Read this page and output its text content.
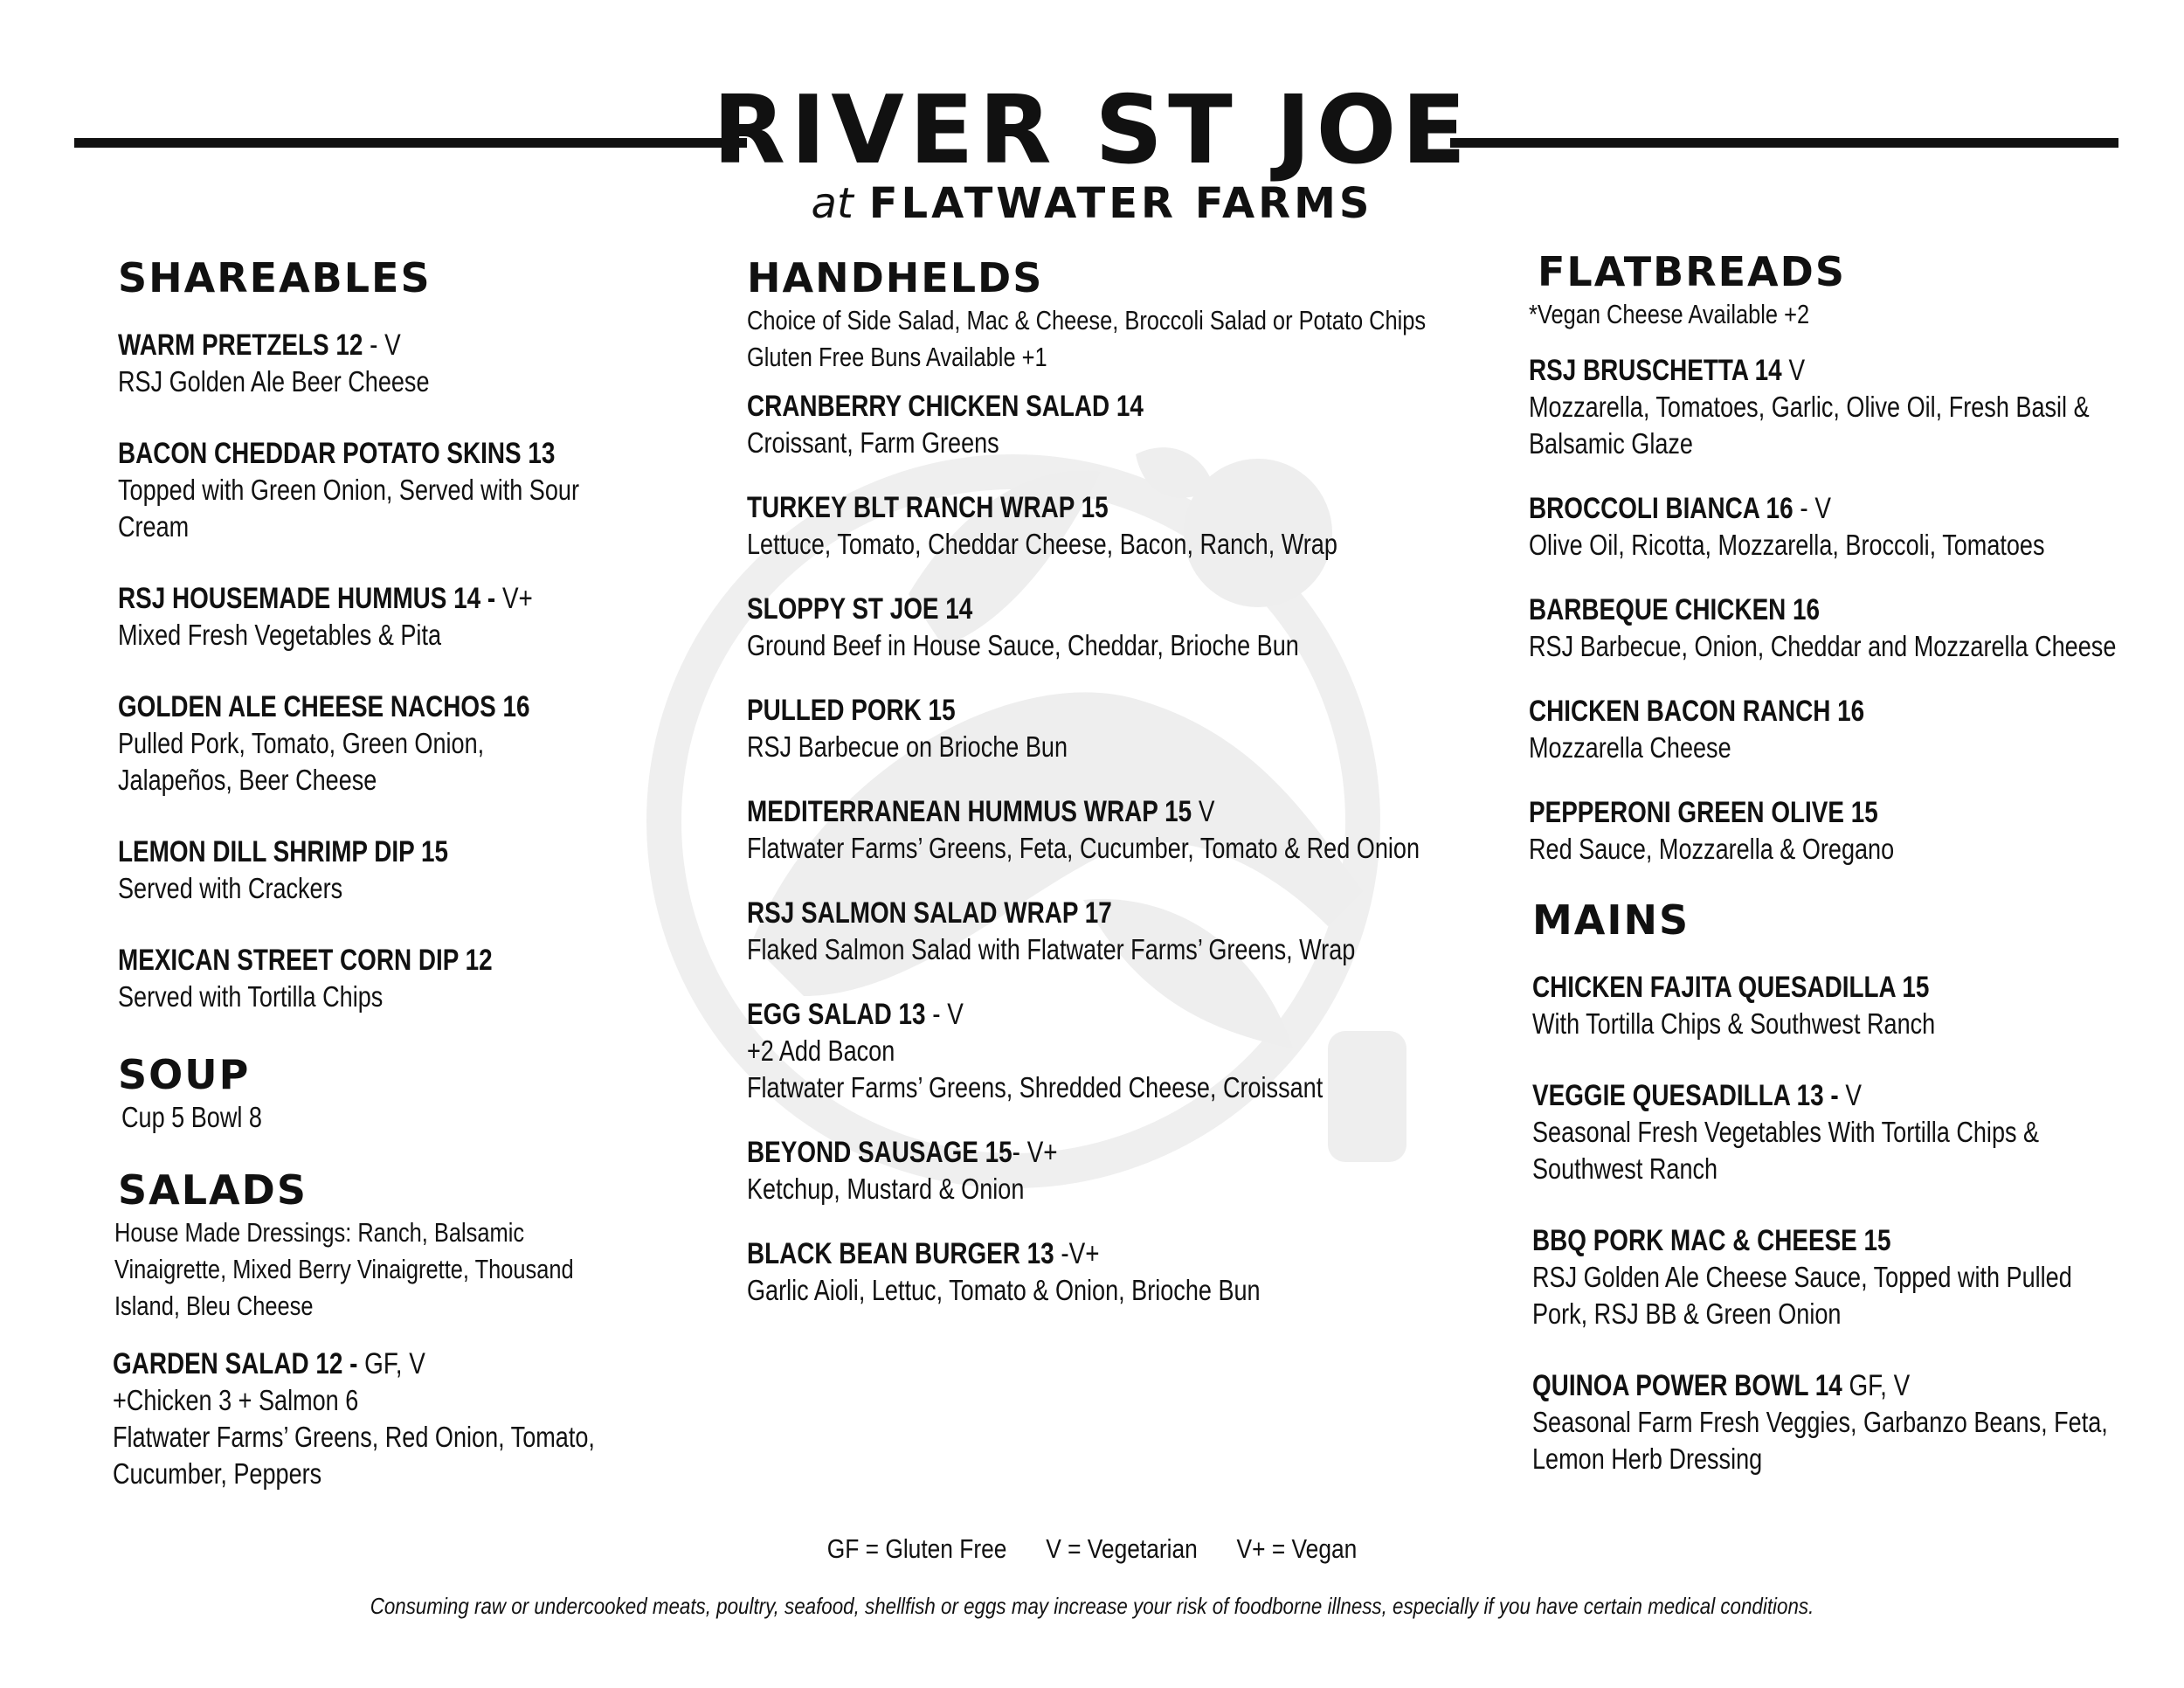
RIVER ST JOE
at FLATWATER FARMS
SHAREABLES
WARM PRETZELS 12 - V
RSJ Golden Ale Beer Cheese
BACON CHEDDAR POTATO SKINS 13
Topped with Green Onion, Served with Sour
Cream
RSJ HOUSEMADE HUMMUS 14 - V+
Mixed Fresh Vegetables & Pita
GOLDEN ALE CHEESE NACHOS 16
Pulled Pork, Tomato, Green Onion,
Jalapeños, Beer Cheese
LEMON DILL SHRIMP DIP 15
Served with Crackers
MEXICAN STREET CORN DIP 12
Served with Tortilla Chips
SOUP
Cup 5 Bowl 8
SALADS
House Made Dressings: Ranch, Balsamic
Vinaigrette, Mixed Berry Vinaigrette, Thousand
Island, Bleu Cheese
GARDEN SALAD 12 - GF, V
+Chicken 3 + Salmon 6
Flatwater Farms’ Greens, Red Onion, Tomato,
Cucumber, Peppers
HANDHELDS
Choice of Side Salad, Mac & Cheese, Broccoli Salad or Potato Chips
Gluten Free Buns Available +1
CRANBERRY CHICKEN SALAD 14
Croissant, Farm Greens
TURKEY BLT RANCH WRAP 15
Lettuce, Tomato, Cheddar Cheese, Bacon, Ranch, Wrap
SLOPPY ST JOE 14
Ground Beef in House Sauce, Cheddar, Brioche Bun
PULLED PORK 15
RSJ Barbecue on Brioche Bun
MEDITERRANEAN HUMMUS WRAP 15 V
Flatwater Farms’ Greens, Feta, Cucumber, Tomato & Red Onion
RSJ SALMON SALAD WRAP 17
Flaked Salmon Salad with Flatwater Farms’ Greens, Wrap
EGG SALAD 13 - V
+2 Add Bacon
Flatwater Farms’ Greens, Shredded Cheese, Croissant
BEYOND SAUSAGE 15- V+
Ketchup, Mustard & Onion
BLACK BEAN BURGER 13 -V+
Garlic Aioli, Lettuc, Tomato & Onion, Brioche Bun
FLATBREADS
*Vegan Cheese Available +2
RSJ BRUSCHETTA 14 V
Mozzarella, Tomatoes, Garlic, Olive Oil, Fresh Basil &
Balsamic Glaze
BROCCOLI BIANCA 16 - V
Olive Oil, Ricotta, Mozzarella, Broccoli, Tomatoes
BARBEQUE CHICKEN 16
RSJ Barbecue, Onion, Cheddar and Mozzarella Cheese
CHICKEN BACON RANCH 16
Mozzarella Cheese
PEPPERONI GREEN OLIVE 15
Red Sauce, Mozzarella & Oregano
MAINS
CHICKEN FAJITA QUESADILLA 15
With Tortilla Chips & Southwest Ranch
VEGGIE QUESADILLA 13 - V
Seasonal Fresh Vegetables With Tortilla Chips &
Southwest Ranch
BBQ PORK MAC & CHEESE 15
RSJ Golden Ale Cheese Sauce, Topped with Pulled
Pork, RSJ BB & Green Onion
QUINOA POWER BOWL 14 GF, V
Seasonal Farm Fresh Veggies, Garbanzo Beans, Feta,
Lemon Herb Dressing
GF = Gluten Free V = Vegetarian V+ = Vegan
Consuming raw or undercooked meats, poultry, seafood, shellfish or eggs may increase your risk of foodborne illness, especially if you have certain medical conditions.
